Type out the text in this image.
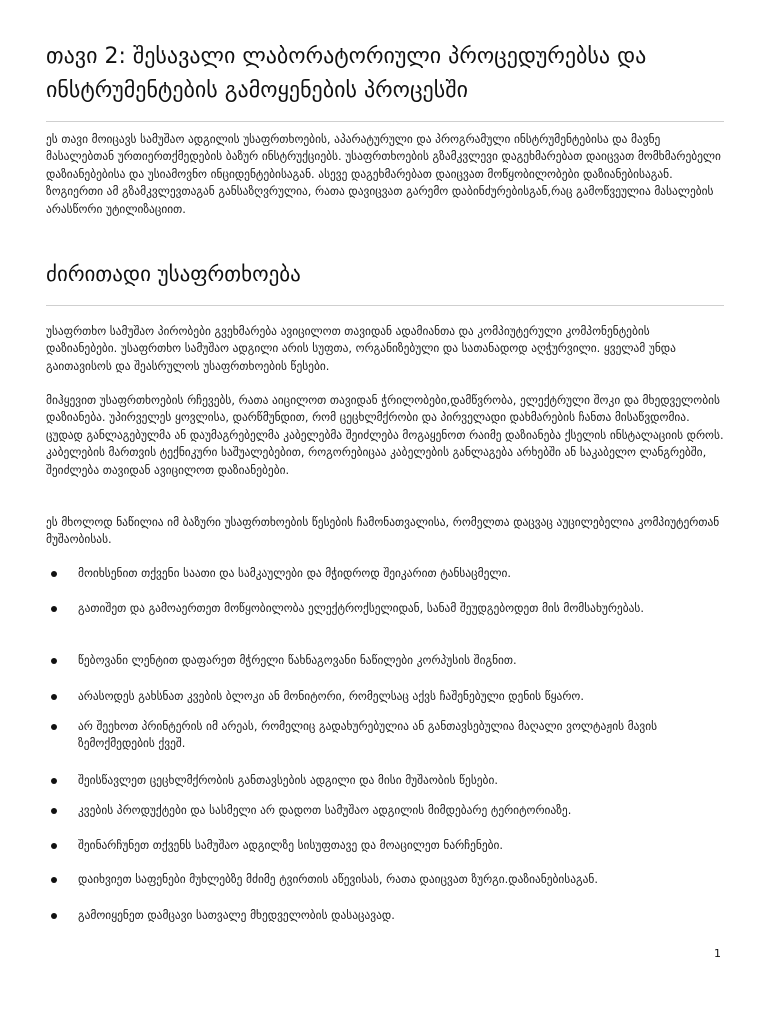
თავი 2: შესავალი ლაბორატორიული პროცედურებსა და ინსტრუმენტების გამოყენების პროცესში

ეს თავი მოიცავს სამუშაო ადგილის უსაფრთხოების, აპარატურული და პროგრამული ინსტრუმენტებისა და მავნე მასალებთან ურთიერთქმედების ბაზურ ინსტრუქციებს. უსაფრთხოების გზამკვლევი დაგეხმარებათ დაიცვათ მომხმარებელი დაზიანებებისა და უსიამოვნო ინციდენტებისაგან. ასევე დაგეხმარებათ დაიცვათ მოწყობილობები დაზიანებისაგან. ზოგიერთი ამ გზამკვლევთაგან განსაზღვრულია, რათა დავიცვათ გარემო დაბინძურებისგან,რაც გამოწვეულია მასალების არასწორი უტილიზაციით.

ძირითადი უსაფრთხოება

უსაფრთხო სამუშაო პირობები გვეხმარება ავიცილოთ თავიდან ადამიანთა და კომპიუტერული კომპონენტების დაზიანებები. უსაფრთხო სამუშაო ადგილი არის სუფთა, ორგანიზებული და სათანადოდ აღჭურვილი. ყველამ უნდა გაითავისოს და შეასრულოს უსაფრთხოების წესები.

მიჰყევით უსაფრთხოების რჩევებს, რათა აიცილოთ თავიდან ჭრილობები,დამწვრობა, ელექტრული შოკი და მხედველობის დაზიანება. უპირველეს ყოვლისა, დარწმუნდით, რომ ცეცხლმქრობი და პირველადი დახმარების ჩანთა მისაწვდომია. ცუდად განლაგებულმა ან დაუმაგრებელმა კაბელებმა შეიძლება მოგაყენოთ რაიმე დაზიანება ქსელის ინსტალაციის დროს. კაბელების მართვის ტექნიკური საშუალებებით, როგორებიცაა კაბელების განლაგება არხებში ან საკაბელო ლანგრებში, შეიძლება თავიდან ავიცილოთ დაზიანებები.

ეს მხოლოდ ნაწილია იმ ბაზური უსაფრთხოების წესების ჩამონათვალისა, რომელთა დაცვაც აუცილებელია კომპიუტერთან მუშაობისას.

მოიხსენით თქვენი საათი და სამკაულები და მჭიდროდ შეიკარით ტანსაცმელი.
გათიშეთ და გამოაერთეთ მოწყობილობა ელექტროქსელიდან, სანამ შეუდგებოდეთ მის მომსახურებას.
წებოვანი ლენტით დაფარეთ მჭრელი წახნაგოვანი ნაწილები კორპუსის შიგნით.
არასოდეს გახსნათ კვების ბლოკი ან მონიტორი, რომელსაც აქვს ჩაშენებული დენის წყარო.
არ შეეხოთ პრინტერის იმ არეას, რომელიც გადახურებულია ან განთავსებულია მაღალი ვოლტაჟის მავის ზემოქმედების ქვეშ.
შეისწავლეთ ცეცხლმქრობის განთავსების ადგილი და მისი მუშაობის წესები.
კვების პროდუქტები და სასმელი არ დადოთ სამუშაო ადგილის მიმდებარე ტერიტორიაზე.
შეინარჩუნეთ თქვენს სამუშაო ადგილზე სისუფთავე და მოაცილეთ ნარჩენები.
დაიხვიეთ საფენები მუხლებზე მძიმე ტვირთის აწევისას, რათა დაიცვათ ზურგი.დაზიანებისაგან.
გამოიყენეთ დამცავი სათვალე მხედველობის დასაცავად.
1
